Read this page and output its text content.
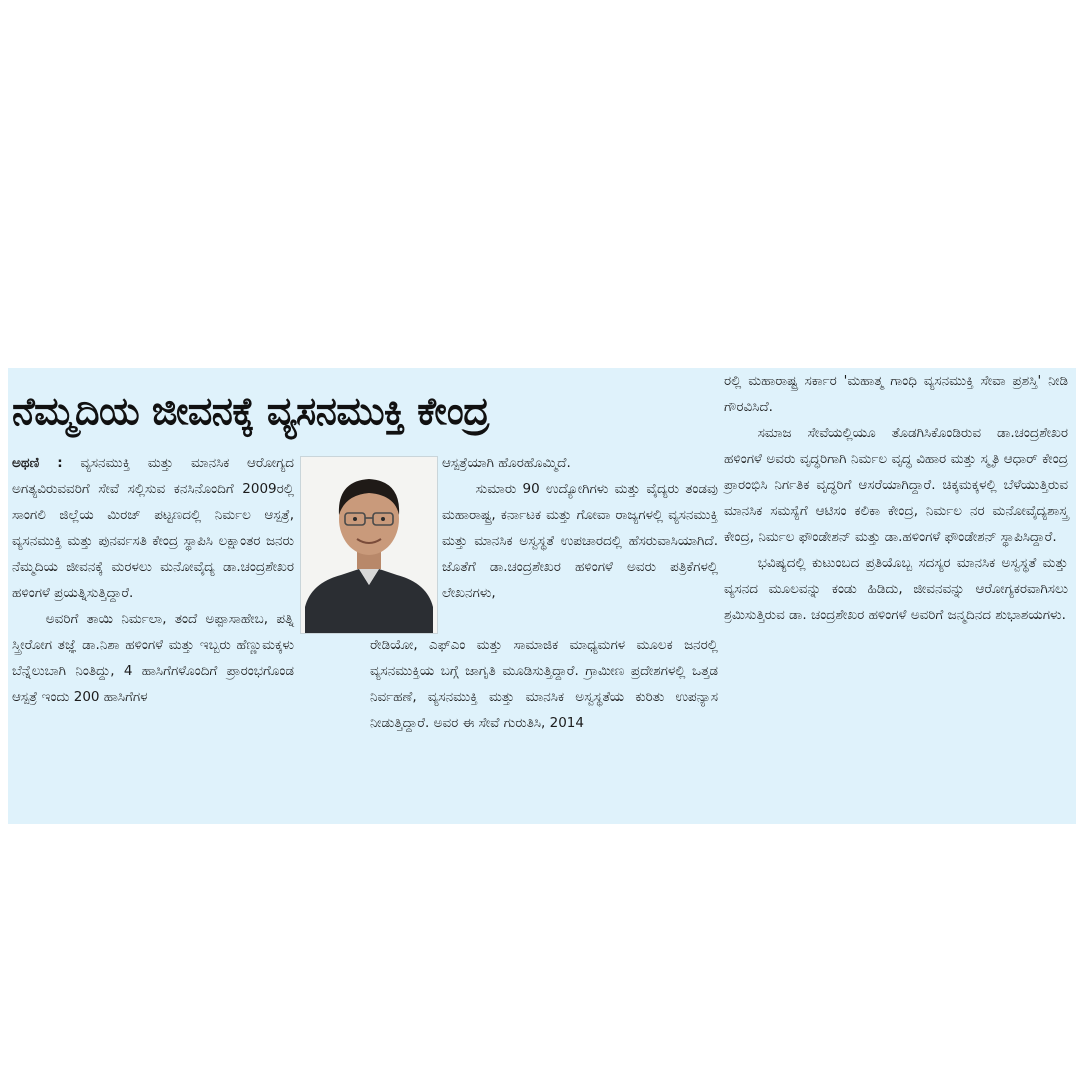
ನೆಮ್ಮದಿಯ ಜೀವನಕ್ಕೆ ವ್ಯಸನಮುಕ್ತಿ ಕೇಂದ್ರ

ಅಥಣಿ : ವ್ಯಸನಮುಕ್ತಿ ಮತ್ತು ಮಾನಸಿಕ ಆರೋಗ್ಯದ ಅಗತ್ಯವಿರುವವರಿಗೆ ಸೇವೆ ಸಲ್ಲಿಸುವ ಕನಸಿನೊಂದಿಗೆ 2009ರಲ್ಲಿ ಸಾಂಗಲಿ ಜಿಲ್ಲೆಯ ಮಿರಜ್ ಪಟ್ಟಣದಲ್ಲಿ ನಿರ್ಮಲ ಆಸ್ಪತ್ರೆ, ವ್ಯಸನಮುಕ್ತಿ ಮತ್ತು ಪುನರ್ವಸತಿ ಕೇಂದ್ರ ಸ್ಥಾಪಿಸಿ ಲಕ್ಷಾಂತರ ಜನರು ನೆಮ್ಮದಿಯ ಜೀವನಕ್ಕೆ ಮರಳಲು ಮನೋವೈದ್ಯ ಡಾ.ಚಂದ್ರಶೇಖರ ಹಳಿಂಗಳೆ ಪ್ರಯತ್ನಿಸುತ್ತಿದ್ದಾರೆ.

ಅವರಿಗೆ ತಾಯಿ ನಿರ್ಮಲಾ, ತಂದೆ ಅಪ್ಪಾಸಾಹೇಬ, ಪತ್ನಿ ಸ್ತ್ರೀರೋಗ ತಜ್ಞೆ ಡಾ.ನಿಶಾ ಹಳಿಂಗಳೆ ಮತ್ತು ಇಬ್ಬರು ಹೆಣ್ಣುಮಕ್ಕಳು ಬೆನ್ನೆಲುಬಾಗಿ ನಿಂತಿದ್ದು, 4 ಹಾಸಿಗೆಗಳೊಂದಿಗೆ ಪ್ರಾರಂಭಗೊಂಡ ಆಸ್ಪತ್ರೆ ಇಂದು 200 ಹಾಸಿಗೆಗಳ

ಆಸ್ಪತ್ರೆಯಾಗಿ ಹೊರಹೊಮ್ಮಿದೆ.

ಸುಮಾರು 90 ಉದ್ಯೋಗಿಗಳು ಮತ್ತು ವೈದ್ಯರು ತಂಡವು ಮಹಾರಾಷ್ಟ್ರ, ಕರ್ನಾಟಕ ಮತ್ತು ಗೋವಾ ರಾಜ್ಯಗಳಲ್ಲಿ ವ್ಯಸನಮುಕ್ತಿ ಮತ್ತು ಮಾನಸಿಕ ಅಸ್ವಸ್ಥತೆ ಉಪಚಾರದಲ್ಲಿ ಹೆಸರುವಾಸಿಯಾಗಿದೆ. ಜೊತೆಗೆ ಡಾ.ಚಂದ್ರಶೇಖರ ಹಳಿಂಗಳೆ ಅವರು ಪತ್ರಿಕೆಗಳಲ್ಲಿ ಲೇಖನಗಳು,

ರೇಡಿಯೋ, ಎಫ್‌ಎಂ ಮತ್ತು ಸಾಮಾಜಿಕ ಮಾಧ್ಯಮಗಳ ಮೂಲಕ ಜನರಲ್ಲಿ ವ್ಯಸನಮುಕ್ತಿಯ ಬಗ್ಗೆ ಜಾಗೃತಿ ಮೂಡಿಸುತ್ತಿದ್ದಾರೆ. ಗ್ರಾಮೀಣ ಪ್ರದೇಶಗಳಲ್ಲಿ ಒತ್ತಡ ನಿರ್ವಹಣೆ, ವ್ಯಸನಮುಕ್ತಿ ಮತ್ತು ಮಾನಸಿಕ ಅಸ್ವಸ್ಥತೆಯ ಕುರಿತು ಉಪನ್ಯಾಸ ನೀಡುತ್ತಿದ್ದಾರೆ. ಅವರ ಈ ಸೇವೆ ಗುರುತಿಸಿ, 2014

ರಲ್ಲಿ ಮಹಾರಾಷ್ಟ್ರ ಸರ್ಕಾರ 'ಮಹಾತ್ಮ ಗಾಂಧಿ ವ್ಯಸನಮುಕ್ತಿ ಸೇವಾ ಪ್ರಶಸ್ತಿ' ನೀಡಿ ಗೌರವಿಸಿದೆ.

ಸಮಾಜ ಸೇವೆಯಲ್ಲಿಯೂ ತೊಡಗಿಸಿಕೊಂಡಿರುವ ಡಾ.ಚಂದ್ರಶೇಖರ ಹಳಿಂಗಳೆ ಅವರು ವೃದ್ಧರಿಗಾಗಿ ನಿರ್ಮಲ ವೃದ್ಧ ವಿಹಾರ ಮತ್ತು ಸ್ಮೃತಿ ಆಧಾರ್ ಕೇಂದ್ರ ಪ್ರಾರಂಭಿಸಿ ನಿರ್ಗತಿಕ ವೃದ್ಧರಿಗೆ ಆಸರೆಯಾಗಿದ್ದಾರೆ. ಚಿಕ್ಕಮಕ್ಕಳಲ್ಲಿ ಬೆಳೆಯುತ್ತಿರುವ ಮಾನಸಿಕ ಸಮಸ್ಯೆಗೆ ಆಟಿಸಂ ಕಲಿಕಾ ಕೇಂದ್ರ, ನಿರ್ಮಲ ನರ ಮನೋವೈದ್ಯಶಾಸ್ತ್ರ ಕೇಂದ್ರ, ನಿರ್ಮಲ ಫೌಂಡೇಶನ್ ಮತ್ತು ಡಾ.ಹಳಿಂಗಳೆ ಫೌಂಡೇಶನ್ ಸ್ಥಾಪಿಸಿದ್ದಾರೆ.

ಭವಿಷ್ಯದಲ್ಲಿ ಕುಟುಂಬದ ಪ್ರತಿಯೊಬ್ಬ ಸದಸ್ಯರ ಮಾನಸಿಕ ಅಸ್ವಸ್ಥತೆ ಮತ್ತು ವ್ಯಸನದ ಮೂಲವನ್ನು ಕಂಡು ಹಿಡಿದು, ಜೀವನವನ್ನು ಆರೋಗ್ಯಕರವಾಗಿಸಲು ಶ್ರಮಿಸುತ್ತಿರುವ ಡಾ. ಚಂದ್ರಶೇಖರ ಹಳಿಂಗಳೆ ಅವರಿಗೆ ಜನ್ಮದಿನದ ಶುಭಾಶಯಗಳು.
